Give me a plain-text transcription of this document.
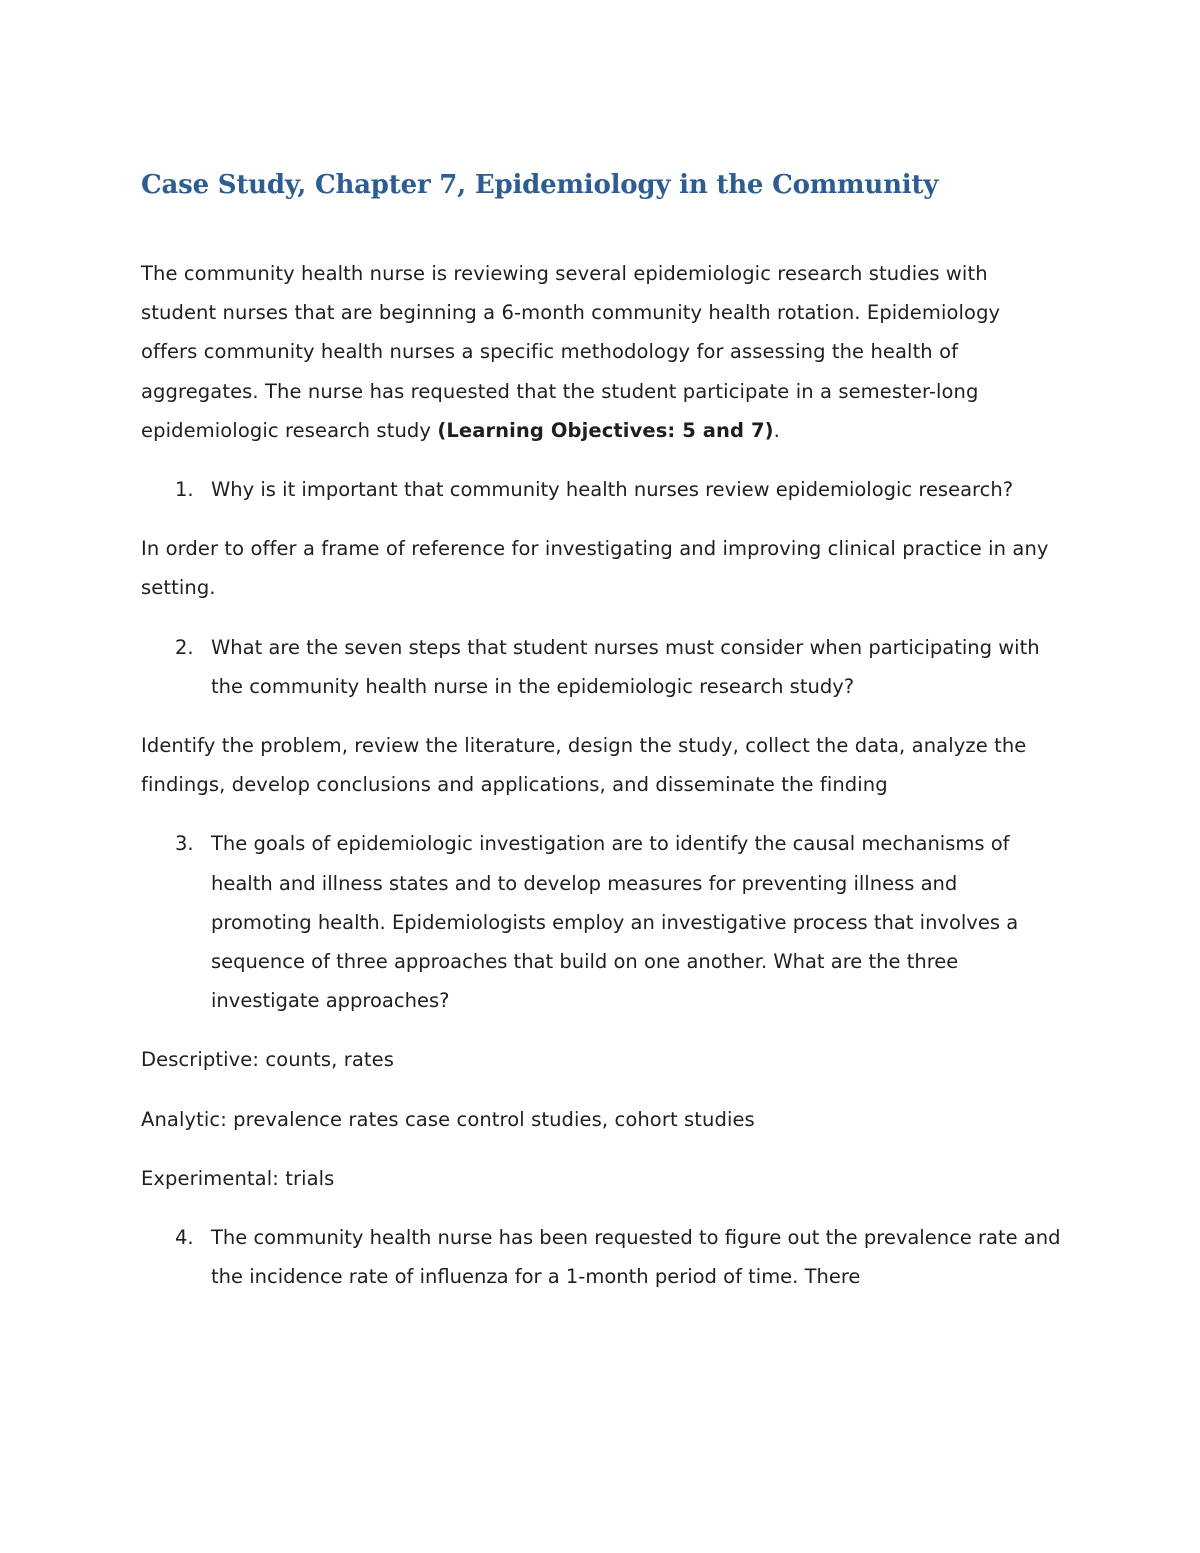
Case Study, Chapter 7, Epidemiology in the Community

The community health nurse is reviewing several epidemiologic research studies with student nurses that are beginning a 6-month community health rotation. Epidemiology offers community health nurses a specific methodology for assessing the health of aggregates. The nurse has requested that the student participate in a semester-long epidemiologic research study (Learning Objectives: 5 and 7).

1. Why is it important that community health nurses review epidemiologic research?

In order to offer a frame of reference for investigating and improving clinical practice in any setting.

2. What are the seven steps that student nurses must consider when participating with the community health nurse in the epidemiologic research study?

Identify the problem, review the literature, design the study, collect the data, analyze the findings, develop conclusions and applications, and disseminate the finding

3. The goals of epidemiologic investigation are to identify the causal mechanisms of health and illness states and to develop measures for preventing illness and promoting health. Epidemiologists employ an investigative process that involves a sequence of three approaches that build on one another. What are the three investigate approaches?

Descriptive: counts, rates

Analytic: prevalence rates case control studies, cohort studies

Experimental: trials

4. The community health nurse has been requested to figure out the prevalence rate and the incidence rate of influenza for a 1-month period of time. There
